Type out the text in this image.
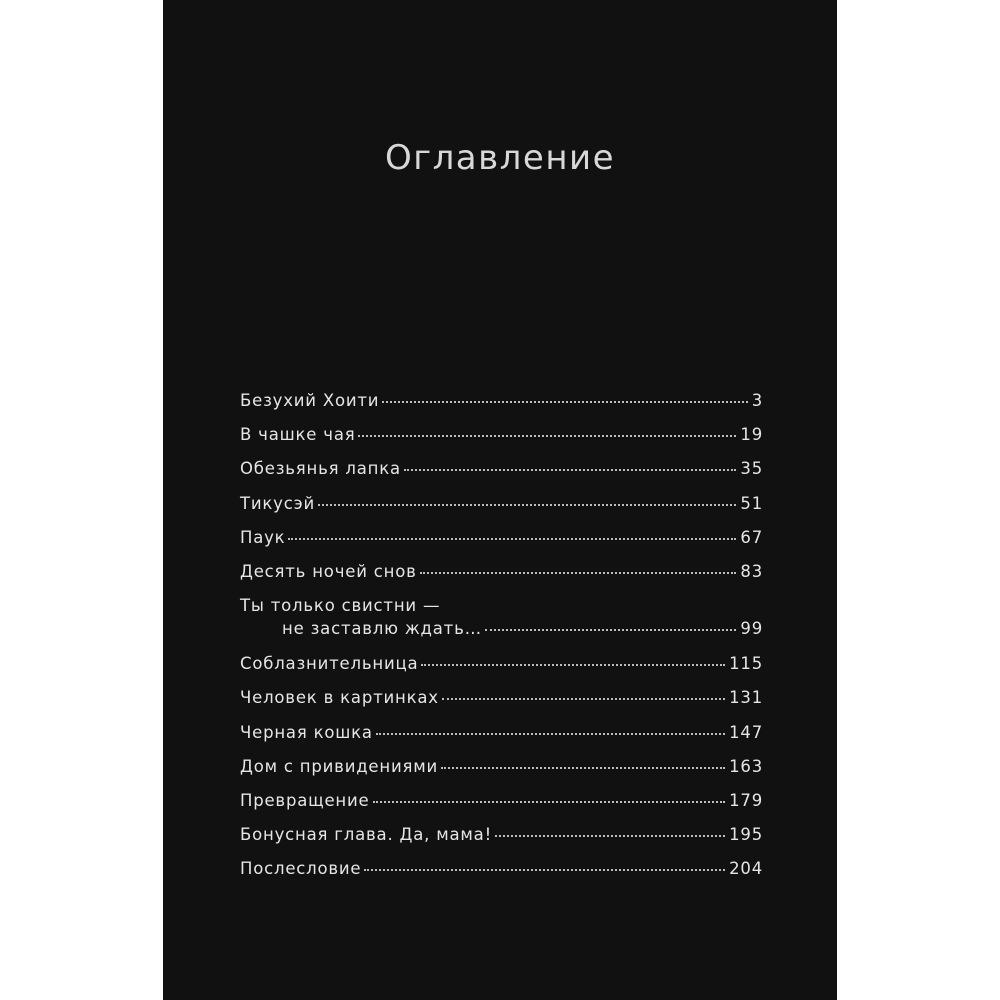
Оглавление
Безухий Хоити	3
В чашке чая	19
Обезьянья лапка	35
Тикусэй	51
Паук	67
Десять ночей снов	83
Ты только свистни —
не заставлю ждать…	99
Соблазнительница	115
Человек в картинках	131
Черная кошка	147
Дом с привидениями	163
Превращение	179
Бонусная глава. Да, мама!	195
Послесловие	204
